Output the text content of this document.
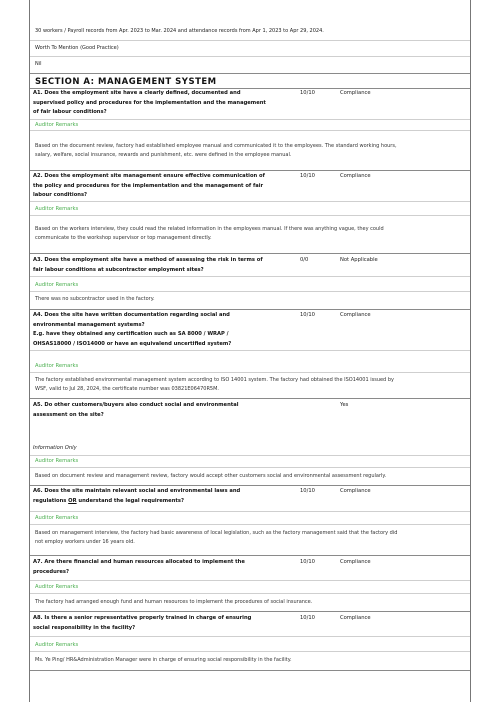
30 workers / Payroll records from Apr. 2023 to Mar. 2024 and attendance records from Apr 1, 2023 to Apr 29, 2024.
Worth To Mention (Good Practice)
Nil
SECTION A: MANAGEMENT SYSTEM
A1. Does the employment site have a clearly defined, documented and
supervised policy and procedures for the implementation and the management
of fair labour conditions?
10/10	Compliance
Auditor Remarks
Based on the document review, factory had established employee manual and communicated it to the employees. The standard working hours,
salary, welfare, social insurance, rewards and punishment, etc. were defined in the employee manual.
A2. Does the employment site management ensure effective communication of
the policy and procedures for the implementation and the management of fair
labour conditions?
10/10	Compliance
Auditor Remarks
Based on the workers interview, they could read the related information in the employees manual. If there was anything vague, they could
communicate to the workshop supervisor or top management directly.
A3. Does the employment site have a method of assessing the risk in terms of
fair labour conditions at subcontractor employment sites?
0/0	Not Applicable
Auditor Remarks
There was no subcontractor used in the factory.
A4. Does the site have written documentation regarding social and
environmental management systems?
E.g. have they obtained any certification such as SA 8000 / WRAP /
OHSAS18000 / ISO14000 or have an equivalend uncertified system?
10/10	Compliance
Auditor Remarks
The factory established environmental management system according to ISO 14001 system. The factory had obtained the ISO14001 issued by
WSF, valid to Jul 28, 2024, the certificate number was 03821E06470R5M.
A5. Do other customers/buyers also conduct social and environmental
assessment on the site?
Yes
Information Only
Auditor Remarks
Based on document review and management review, factory would accept other customers social and environmental assessment regularly.
A6. Does the site maintain relevant social and environmental laws and
regulations OR understand the legal requirements?
10/10	Compliance
Auditor Remarks
Based on management interview, the factory had basic awareness of local legislation, such as the factory management said that the factory did
not employ workers under 16 years old.
A7. Are there financial and human resources allocated to implement the
procedures?
10/10	Compliance
Auditor Remarks
The factory had arranged enough fund and human resources to implement the procedures of social insurance.
A8. Is there a senior representative properly trained in charge of ensuring
social responsibility in the facility?
10/10	Compliance
Auditor Remarks
Ms. Ye Ping/ HR&Administration Manager were in charge of ensuring social responsibility in the facility.
